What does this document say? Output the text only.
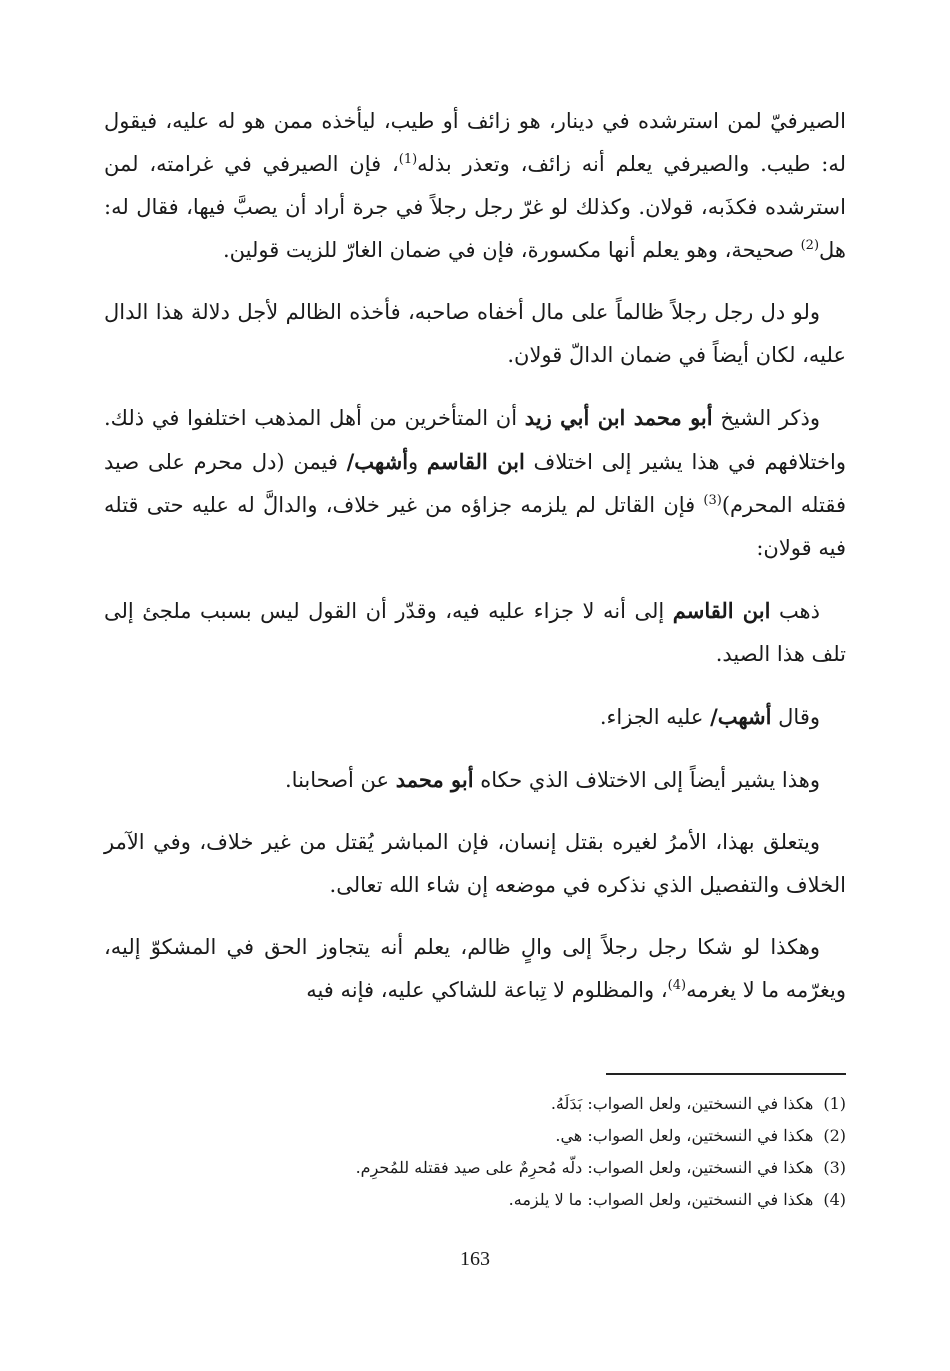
الصيرفيّ لمن استرشده في دينار، هو زائف أو طيب، ليأخذه ممن هو له عليه، فيقول له: طيب. والصيرفي يعلم أنه زائف، وتعذر بذله$^{(1)}$، فإن الصيرفي في غرامته، لمن استرشده فكذَبه، قولان. وكذلك لو غرّ رجل رجلاً في جرة أراد أن يصبَّ فيها، فقال له: هل$^{(2)}$ صحيحة، وهو يعلم أنها مكسورة، فإن في ضمان الغارّ للزيت قولين.

ولو دل رجل رجلاً ظالماً على مال أخفاه صاحبه، فأخذه الظالم لأجل دلالة هذا الدال عليه، لكان أيضاً في ضمان الدالّ قولان.

وذكر الشيخ أبو محمد ابن أبي زيد أن المتأخرين من أهل المذهب اختلفوا في ذلك. واختلافهم في هذا يشير إلى اختلاف ابن القاسم وأشهب/ فيمن (دل محرم على صيد فقتله المحرم)$^{(3)}$ فإن القاتل لم يلزمه جزاؤه من غير خلاف، والدالَّ له عليه حتى قتله فيه قولان:

ذهب ابن القاسم إلى أنه لا جزاء عليه فيه، وقدّر أن القول ليس بسبب ملجئ إلى تلف هذا الصيد.

وقال أشهب/ عليه الجزاء.

وهذا يشير أيضاً إلى الاختلاف الذي حكاه أبو محمد عن أصحابنا.

ويتعلق بهذا، الأمرُ لغيره بقتل إنسان، فإن المباشر يُقتل من غير خلاف، وفي الآمر الخلاف والتفصيل الذي نذكره في موضعه إن شاء الله تعالى.

وهكذا لو شكا رجل رجلاً إلى والٍ ظالم، يعلم أنه يتجاوز الحق في المشكوّ إليه، ويغرّمه ما لا يغرمه$^{(4)}$، والمظلوم لا تِباعة للشاكي عليه، فإنه فيه

(1)هكذا في النسختين، ولعل الصواب: بَدَلَهُ.

(2)هكذا في النسختين، ولعل الصواب: هي.

(3)هكذا في النسختين، ولعل الصواب: دلّه مُحرِمٌ على صيد فقتله للمُحرِم.

(4)هكذا في النسختين، ولعل الصواب: ما لا يلزمه.

163
